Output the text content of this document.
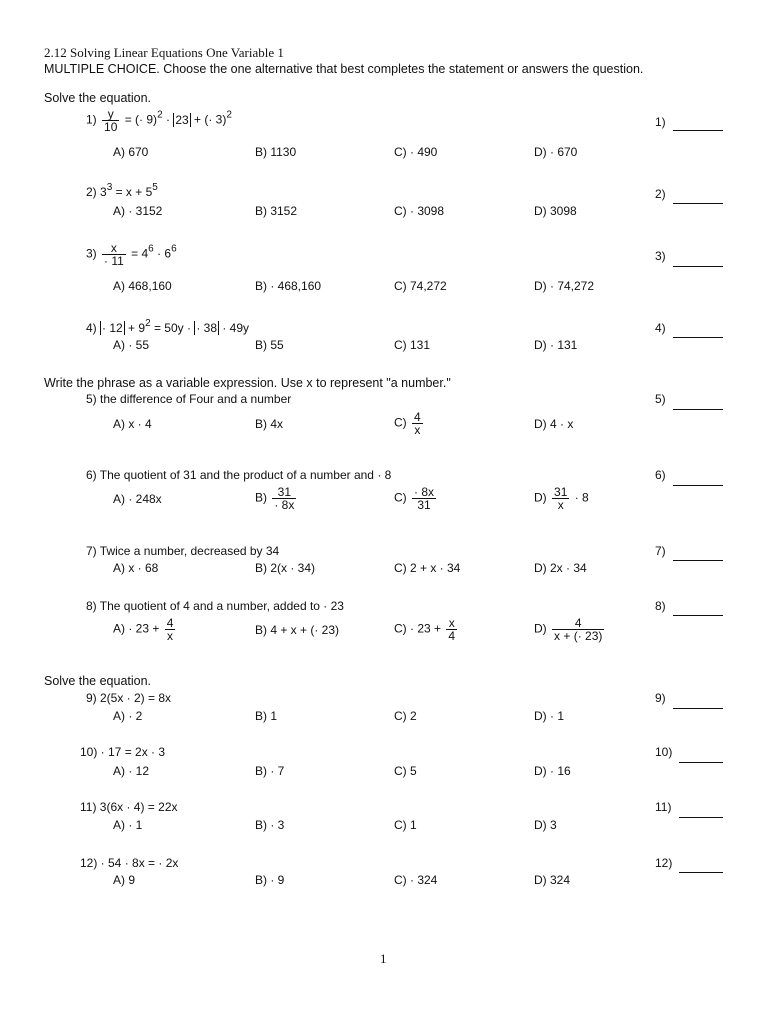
2.12 Solving Linear Equations One Variable 1
MULTIPLE CHOICE. Choose the one alternative that best completes the statement or answers the question.
Solve the equation.
$1) \frac{y}{10}$ = (· 9)$^2$ · 23 + (· 3)$^2$	1)
A) 670	B) 1130	C) · 490	D) · 670
2) $3^3 = x + 5^5$	2)
A) · 3152	B) 3152	C) · 3098	D) 3098
$3) \frac{x}{\cdot 11} = 4^6 \cdot 6^6$	3)
A) 468,160	B) · 468,160	C) 74,272	D) · 74,272
$4) \cdot 12 + 9^2 = 50y$ · · 38 · 49y	4)
A) · 55	B) 55	C) 131	D) · 131
Write the phrase as a variable expression. Use x to represent "a number."
5) the difference of Four and a number	5)
A) x · 4	B) 4x	$C) \frac{4}{x}$	D) 4 · x
6) The quotient of 31 and the product of a number and · 8	6)
A) · 248x	$B) \frac{31}{\cdot 8x}$	$C) \frac{\cdot 8x}{31}$	$D) \frac{31}{x} \cdot 8$
7) Twice a number, decreased by 34	7)
A) x · 68	B) 2(x · 34)	C) 2 + x · 34	D) 2x · 34
8) The quotient of 4 and a number, added to · 23	8)
$A) \cdot 23 + \frac{4}{x}$	B) 4 + x + (· 23)	$C) \cdot 23 + \frac{x}{4}$	$D) \frac{4}{x + (\cdot 23)}$
Solve the equation.
9) 2(5x · 2) = 8x	9)
A) · 2	B) 1	C) 2	D) · 1
10) · 17 = 2x · 3	10)
A) · 12	B) · 7	C) 5	D) · 16
11) 3(6x · 4) = 22x	11)
A) · 1	B) · 3	C) 1	D) 3
12) · 54 · 8x = · 2x	12)
A) 9	B) · 9	C) · 324	D) 324
1
